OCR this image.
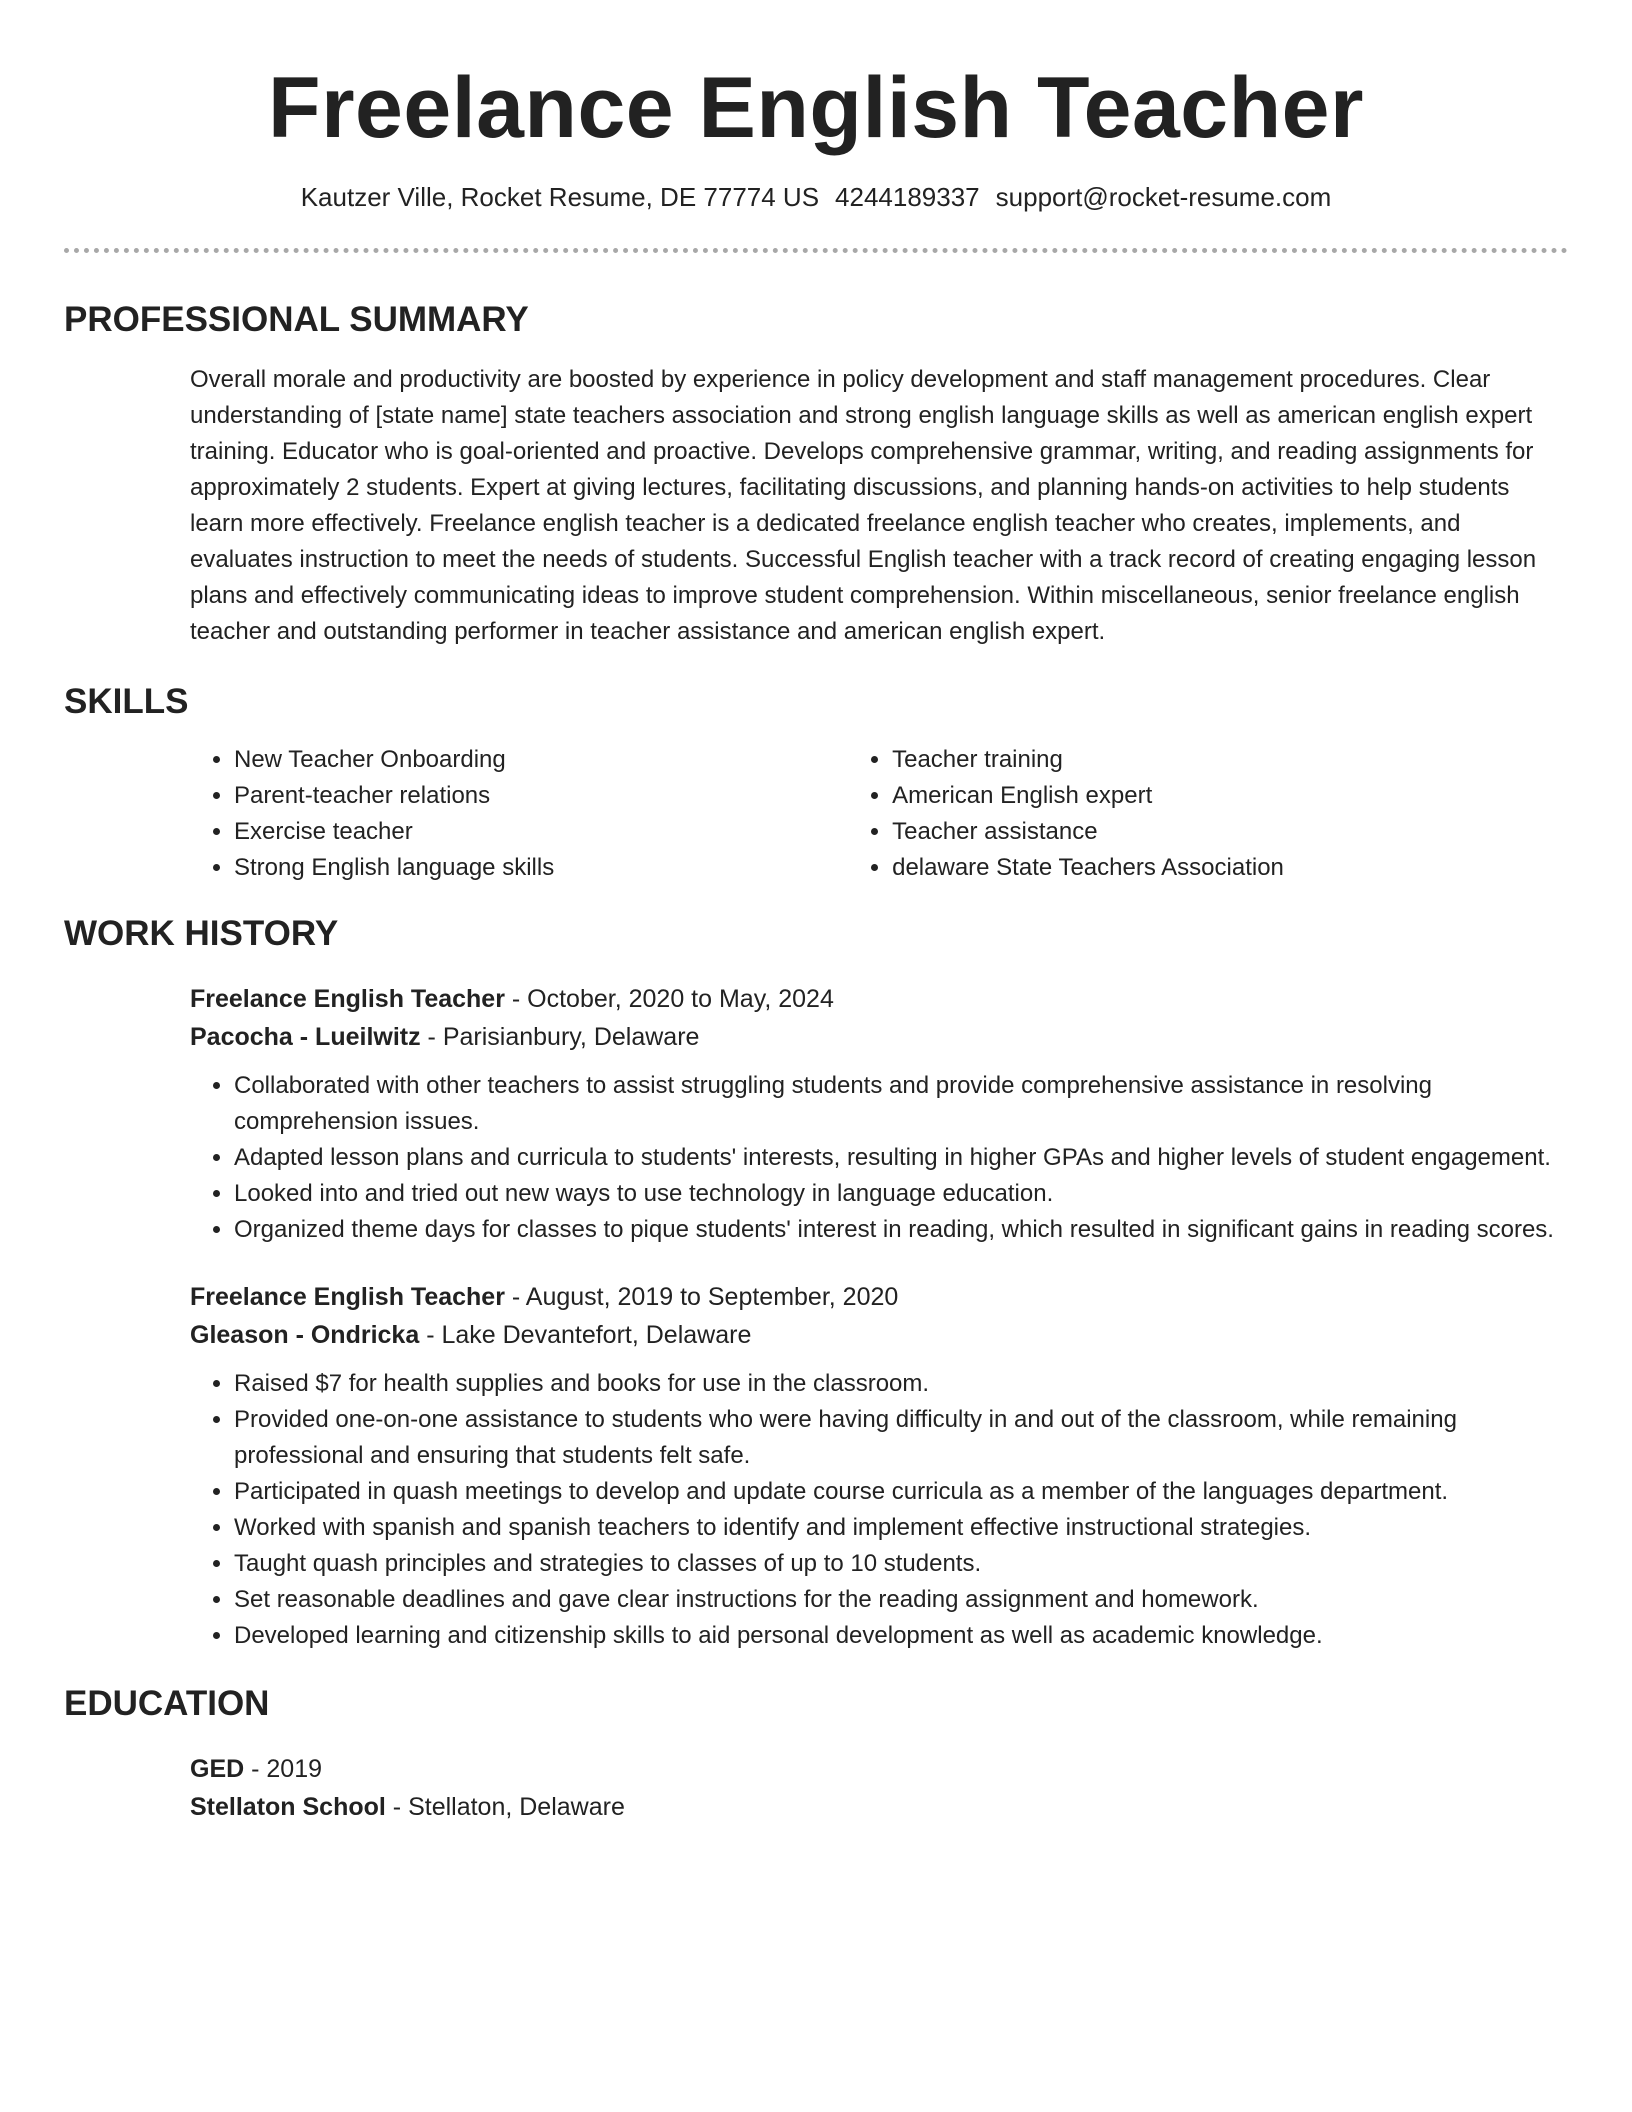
Freelance English Teacher
Kautzer Ville, Rocket Resume, DE 77774 US 4244189337 support@rocket-resume.com
PROFESSIONAL SUMMARY

Overall morale and productivity are boosted by experience in policy development and staff management procedures. Clear understanding of [state name] state teachers association and strong english language skills as well as american english expert training. Educator who is goal-oriented and proactive. Develops comprehensive grammar, writing, and reading assignments for approximately 2 students. Expert at giving lectures, facilitating discussions, and planning hands-on activities to help students learn more effectively. Freelance english teacher is a dedicated freelance english teacher who creates, implements, and evaluates instruction to meet the needs of students. Successful English teacher with a track record of creating engaging lesson plans and effectively communicating ideas to improve student comprehension. Within miscellaneous, senior freelance english teacher and outstanding performer in teacher assistance and american english expert.

SKILLS
• New Teacher Onboarding
• Parent-teacher relations
• Exercise teacher
• Strong English language skills
• Teacher training
• American English expert
• Teacher assistance
• delaware State Teachers Association
WORK HISTORY
Freelance English Teacher - October, 2020 to May, 2024
Pacocha - Lueilwitz - Parisianbury, Delaware
• Collaborated with other teachers to assist struggling students and provide comprehensive assistance in resolving comprehension issues.
• Adapted lesson plans and curricula to students' interests, resulting in higher GPAs and higher levels of student engagement.
• Looked into and tried out new ways to use technology in language education.
• Organized theme days for classes to pique students' interest in reading, which resulted in significant gains in reading scores.
Freelance English Teacher - August, 2019 to September, 2020
Gleason - Ondricka - Lake Devantefort, Delaware
• Raised $7 for health supplies and books for use in the classroom.
• Provided one-on-one assistance to students who were having difficulty in and out of the classroom, while remaining professional and ensuring that students felt safe.
• Participated in quash meetings to develop and update course curricula as a member of the languages department.
• Worked with spanish and spanish teachers to identify and implement effective instructional strategies.
• Taught quash principles and strategies to classes of up to 10 students.
• Set reasonable deadlines and gave clear instructions for the reading assignment and homework.
• Developed learning and citizenship skills to aid personal development as well as academic knowledge.
EDUCATION
GED - 2019
Stellaton School - Stellaton, Delaware
